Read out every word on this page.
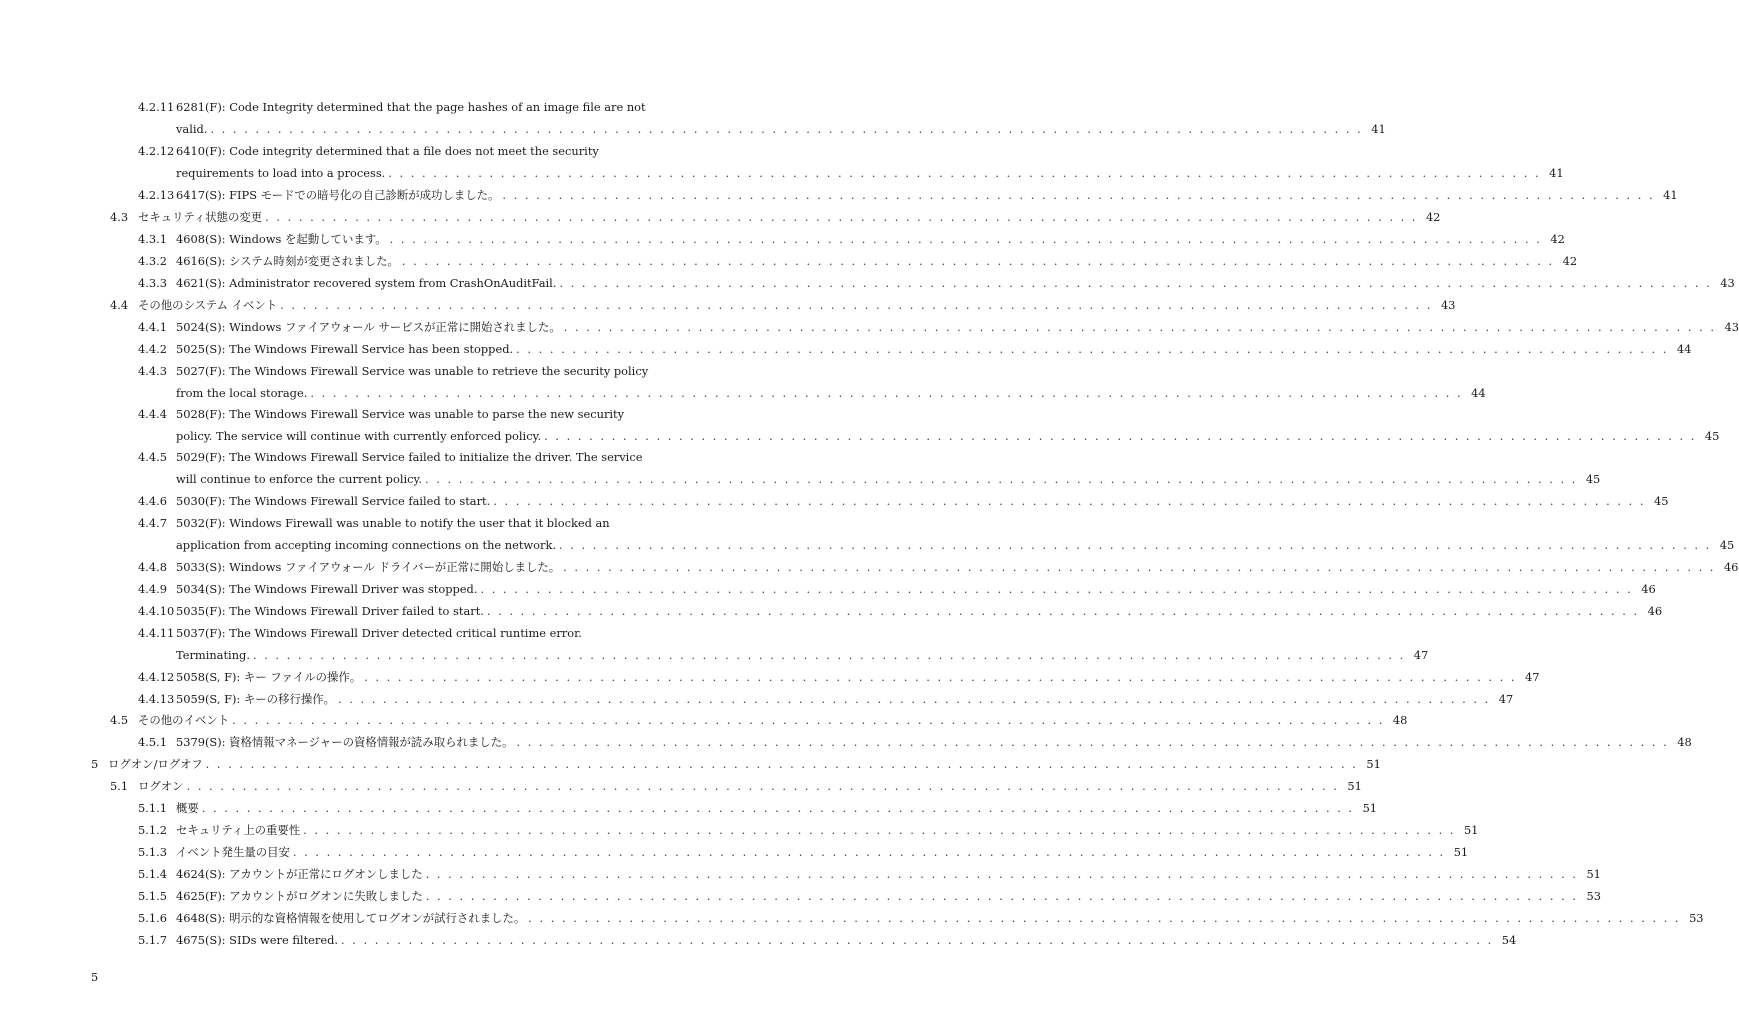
4.2.11 6281(F): Code Integrity determined that the page hashes of an image file are not
valid. . . .	41
4.2.12 6410(F): Code integrity determined that a file does not meet the security
requirements to load into a process. . . .	41
4.2.13 6417(S): FIPS モードでの暗号化の自己診断が成功しました。 . . .	41
4.3 セキュリティ状態の変更 . . .	42
4.3.1 4608(S): Windows を起動しています。 . . .	42
4.3.2 4616(S): システム時刻が変更されました。 . . .	42
4.3.3 4621(S): Administrator recovered system from CrashOnAuditFail. . . .	43
4.4 その他のシステム イベント . . .	43
4.4.1 5024(S): Windows ファイアウォール サービスが正常に開始されました。 . . .	43
4.4.2 5025(S): The Windows Firewall Service has been stopped. . . .	44
4.4.3 5027(F): The Windows Firewall Service was unable to retrieve the security policy
from the local storage. . . .	44
4.4.4 5028(F): The Windows Firewall Service was unable to parse the new security
policy. The service will continue with currently enforced policy. . . .	45
4.4.5 5029(F): The Windows Firewall Service failed to initialize the driver. The service
will continue to enforce the current policy. . . .	45
4.4.6 5030(F): The Windows Firewall Service failed to start. . . .	45
4.4.7 5032(F): Windows Firewall was unable to notify the user that it blocked an
application from accepting incoming connections on the network. . . .	45
4.4.8 5033(S): Windows ファイアウォール ドライバーが正常に開始しました。 . . .	46
4.4.9 5034(S): The Windows Firewall Driver was stopped. . . .	46
4.4.10 5035(F): The Windows Firewall Driver failed to start. . . .	46
4.4.11 5037(F): The Windows Firewall Driver detected critical runtime error.
Terminating. . . .	47
4.4.12 5058(S, F): キー ファイルの操作。 . . .	47
4.4.13 5059(S, F): キーの移行操作。 . . .	47
4.5 その他のイベント . . .	48
4.5.1 5379(S): 資格情報マネージャーの資格情報が読み取られました。 . . .	48
5 ログオン/ログオフ . . .	51
5.1 ログオン . . .	51
5.1.1 概要 . . .	51
5.1.2 セキュリティ上の重要性 . . .	51
5.1.3 イベント発生量の目安 . . .	51
5.1.4 4624(S): アカウントが正常にログオンしました . . .	51
5.1.5 4625(F): アカウントがログオンに失敗しました . . .	53
5.1.6 4648(S): 明示的な資格情報を使用してログオンが試行されました。 . . .	53
5.1.7 4675(S): SIDs were filtered. . . .	54
5
